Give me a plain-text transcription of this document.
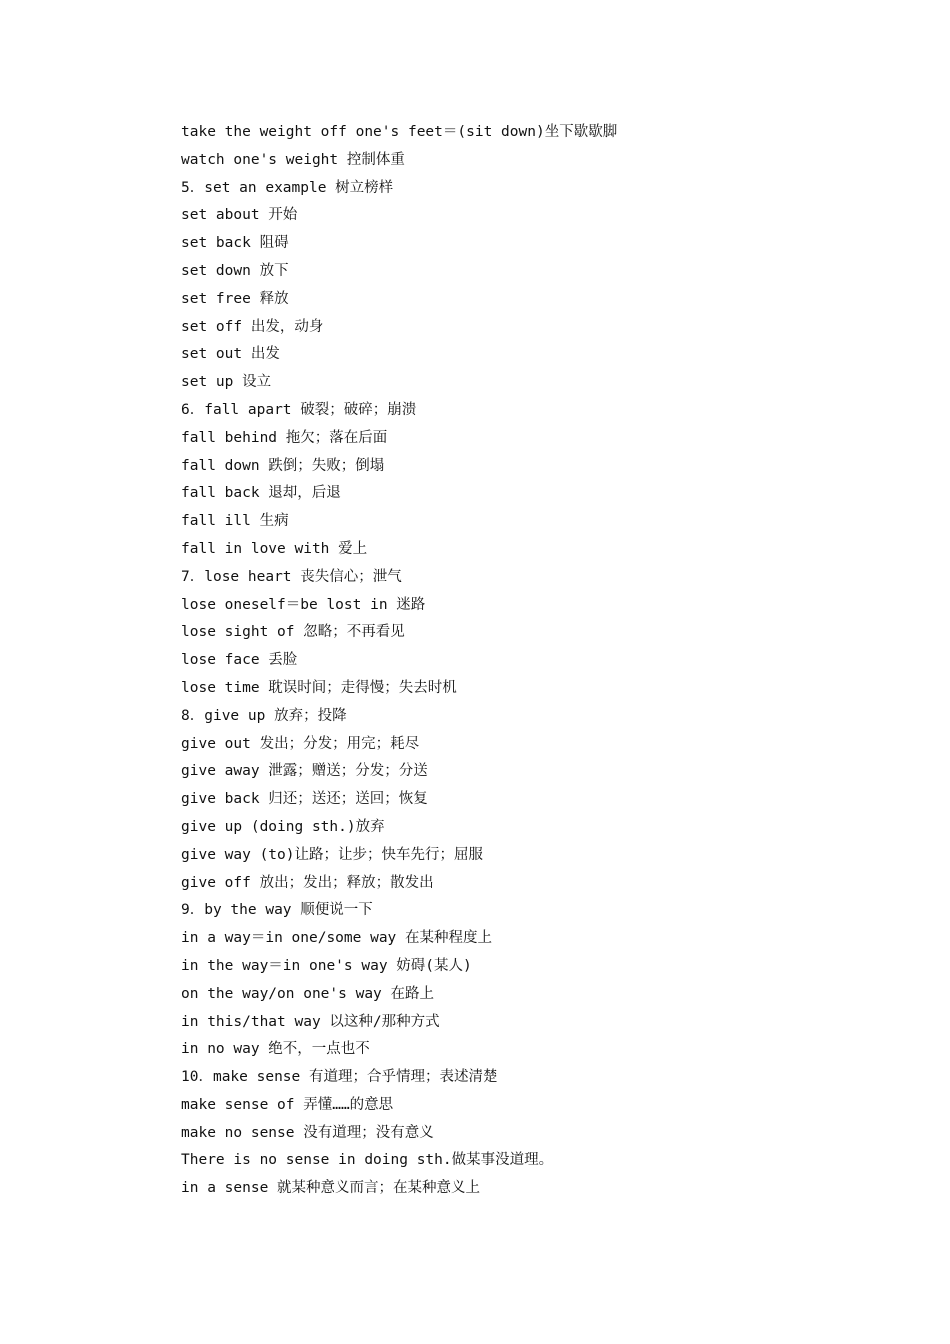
take the weight off one's feet＝(sit down)坐下歇歇脚
watch one's weight 控制体重
5．set an example 树立榜样
set about 开始
set back 阻碍
set down 放下
set free 释放
set off 出发，动身
set out 出发
set up 设立
6．fall apart 破裂；破碎；崩溃
fall behind 拖欠；落在后面
fall down 跌倒；失败；倒塌
fall back 退却，后退
fall ill 生病
fall in love with 爱上
7．lose heart 丧失信心；泄气
lose oneself＝be lost in 迷路
lose sight of 忽略；不再看见
lose face 丢脸
lose time 耽误时间；走得慢；失去时机
8．give up 放弃；投降
give out 发出；分发；用完；耗尽
give away 泄露；赠送；分发；分送
give back 归还；送还；送回；恢复
give up (doing sth.)放弃
give way (to)让路；让步；快车先行；屈服
give off 放出；发出；释放；散发出
9．by the way 顺便说一下
in a way＝in one/some way 在某种程度上
in the way＝in one's way 妨碍(某人)
on the way/on one's way 在路上
in this/that way 以这种/那种方式
in no way 绝不，一点也不
10．make sense 有道理；合乎情理；表述清楚
make sense of 弄懂……的意思
make no sense 没有道理；没有意义
There is no sense in doing sth.做某事没道理。
in a sense 就某种意义而言；在某种意义上
